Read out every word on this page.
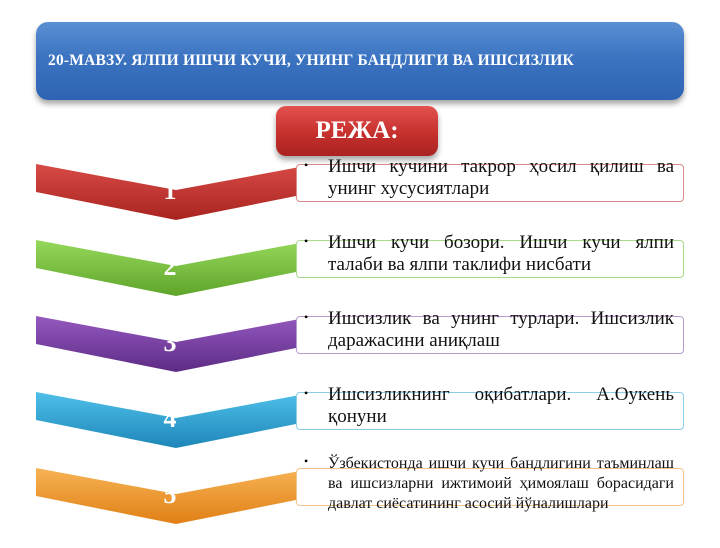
20-МАВЗУ. ЯЛПИ ИШЧИ КУЧИ, УНИНГ БАНДЛИГИ ВА ИШСИЗЛИК
РЕЖА:
1
• Ишчи кучини такрор ҳосил қилиш ва унинг хусусиятлари
2
• Ишчи кучи бозори. Ишчи кучи ялпи талаби ва ялпи таклифи нисбати
3
• Ишсизлик ва унинг турлари. Ишсизлик даражасини аниқлаш
4
• Ишсизликнинг оқибатлари. А.Оукень қонуни
5
• Ўзбекистонда ишчи кучи бандлигини таъминлаш ва ишсизларни ижтимоий ҳимоялаш борасидаги давлат сиёсатининг асосий йўналишлари
